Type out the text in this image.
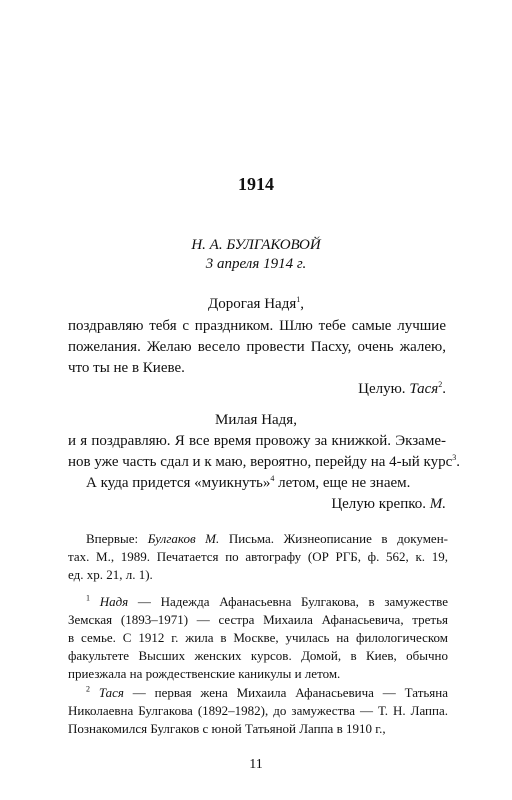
1914
Н. А. БУЛГАКОВОЙ
3 апреля 1914 г.
Дорогая Надя$^1$,
поздравляю тебя с праздником. Шлю тебе самые лучшие
пожелания. Желаю весело провести Пасху, очень жалею,
что ты не в Киеве.
Целую. Тася$^2$.
Милая Надя,
и я поздравляю. Я все время провожу за книжкой. Экзаме-
нов уже часть сдал и к маю, вероятно, перейду на 4-ый курс$^3$.
А куда придется «муикнуть»$^4$ летом, еще не знаем.
Целую крепко. М.
Впервые: Булгаков М. Письма. Жизнеописание в докумен-
тах. М., 1989. Печатается по автографу (ОР РГБ, ф. 562, к. 19,
ед. хр. 21, л. 1).
$^1$ Надя — Надежда Афанасьевна Булгакова, в замужестве
Земская (1893–1971) — сестра Михаила Афанасьевича, третья
в семье. С 1912 г. жила в Москве, училась на филологическом
факультете Высших женских курсов. Домой, в Киев, обычно
приезжала на рождественские каникулы и летом.
$^2$ Тася — первая жена Михаила Афанасьевича — Татьяна
Николаевна Булгакова (1892–1982), до замужества — Т. Н. Лаппа.
Познакомился Булгаков с юной Татьяной Лаппа в 1910 г.,
11
